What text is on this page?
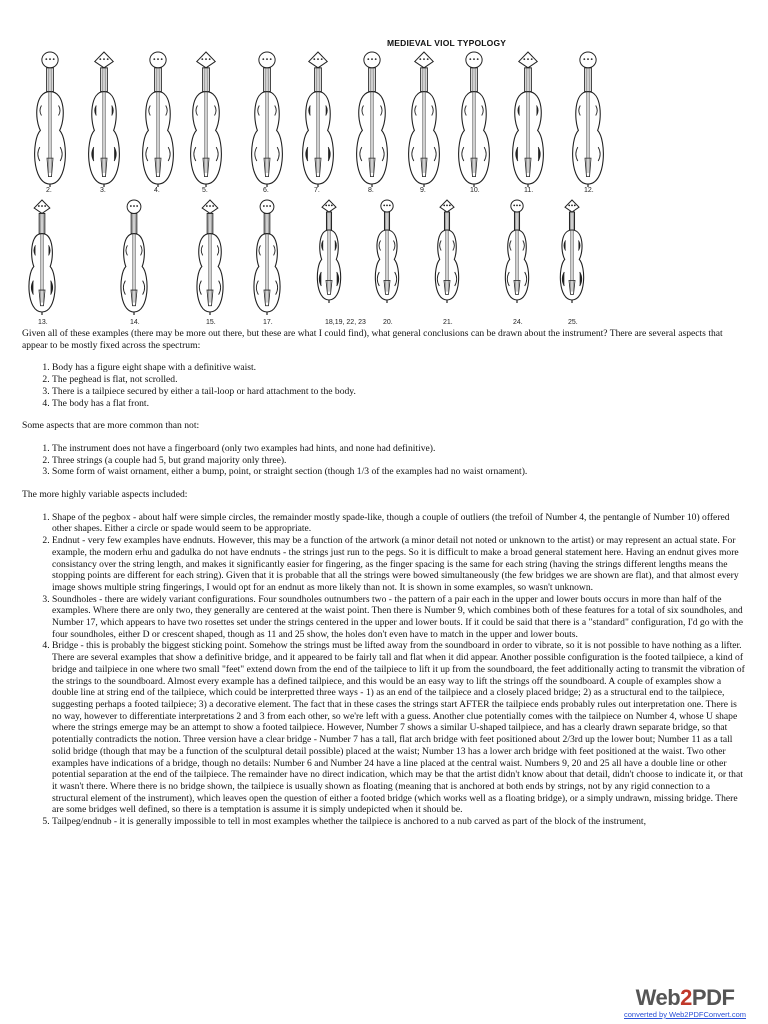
MEDIEVAL VIOL TYPOLOGY
2.	3.	4.	5.	6.	7.	8.	9.	10.	11.	12.
13.	14.	15.	17.	18,19, 22, 23 20.	21.	24.	25.

Given all of these examples (there may be more out there, but these are what I could find), what general conclusions can be drawn about the instrument? There are several aspects that appear to be mostly fixed across the spectrum:

1. Body has a figure eight shape with a definitive waist.
2. The peghead is flat, not scrolled.
3. There is a tailpiece secured by either a tail-loop or hard attachment to the body.
4. The body has a flat front.

Some aspects that are more common than not:

1. The instrument does not have a fingerboard (only two examples had hints, and none had definitive).
2. Three strings (a couple had 5, but grand majority only three).
3. Some form of waist ornament, either a bump, point, or straight section (though 1/3 of the examples had no waist ornament).

The more highly variable aspects included:

1. Shape of the pegbox - about half were simple circles, the remainder mostly spade-like, though a couple of outliers (the trefoil of Number 4, the pentangle of Number 10) offered other shapes. Either a circle or spade would seem to be appropriate.
2. Endnut - very few examples have endnuts. However, this may be a function of the artwork (a minor detail not noted or unknown to the artist) or may represent an actual state. For example, the modern erhu and gadulka do not have endnuts - the strings just run to the pegs. So it is difficult to make a broad general statement here. Having an endnut gives more consistancy over the string length, and makes it significantly easier for fingering, as the finger spacing is the same for each string (having the strings different lengths means the stopping points are different for each string). Given that it is probable that all the strings were bowed simultaneously (the few bridges we are shown are flat), and that almost every image shows multiple string fingerings, I would opt for an endnut as more likely than not. It is shown in some examples, so wasn't unknown.
3. Soundholes - there are widely variant configurations. Four soundholes outnumbers two - the pattern of a pair each in the upper and lower bouts occurs in more than half of the examples. Where there are only two, they generally are centered at the waist point. Then there is Number 9, which combines both of these features for a total of six soundholes, and Number 17, which appears to have two rosettes set under the strings centered in the upper and lower bouts. If it could be said that there is a "standard" configuration, I'd go with the four soundholes, either D or crescent shaped, though as 11 and 25 show, the holes don't even have to match in the upper and lower bouts.
4. Bridge - this is probably the biggest sticking point. Somehow the strings must be lifted away from the soundboard in order to vibrate, so it is not possible to have nothing as a lifter. There are several examples that show a definitive bridge, and it appeared to be fairly tall and flat when it did appear. Another possible configuration is the footed tailpiece, a kind of bridge and tailpiece in one where two small "feet" extend down from the end of the tailpiece to lift it up from the soundboard, the feet additionally acting to transmit the vibration of the strings to the soundboard. Almost every example has a defined tailpiece, and this would be an easy way to lift the strings off the soundboard. A couple of examples show a double line at string end of the tailpiece, which could be interpretted three ways - 1) as an end of the tailpiece and a closely placed bridge; 2) as a structural end to the tailpiece, suggesting perhaps a footed tailpiece; 3) a decorative element. The fact that in these cases the strings start AFTER the tailpiece ends probably rules out interpretation one. There is no way, however to differentiate interpretations 2 and 3 from each other, so we're left with a guess. Another clue potentially comes with the tailpiece on Number 4, whose U shape where the strings emerge may be an attempt to show a footed tailpiece. However, Number 7 shows a similar U-shaped tailpiece, and has a clearly drawn separate bridge, so that potentially contradicts the notion. Three version have a clear bridge - Number 7 has a tall, flat arch bridge with feet positioned about 2/3rd up the lower bout; Number 11 as a tall solid bridge (though that may be a function of the sculptural detail possible) placed at the waist; Number 13 has a lower arch bridge with feet positioned at the waist. Two other examples have indications of a bridge, though no details: Number 6 and Number 24 have a line placed at the central waist. Numbers 9, 20 and 25 all have a double line or other potential separation at the end of the tailpiece. The remainder have no direct indication, which may be that the artist didn't know about that detail, didn't choose to indicate it, or that it wasn't there. Where there is no bridge shown, the tailpiece is usually shown as floating (meaning that is anchored at both ends by strings, not by any rigid connection to a structural element of the instrument), which leaves open the question of either a footed bridge (which works well as a floating bridge), or a simply undrawn, missing bridge. There are some bridges well defined, so there is a temptation is assume it is simply undepicted when it should be.
5. Tailpeg/endnub - it is generally impossible to tell in most examples whether the tailpiece is anchored to a nub carved as part of the block of the instrument,
Web2PDF
converted by Web2PDFConvert.com
